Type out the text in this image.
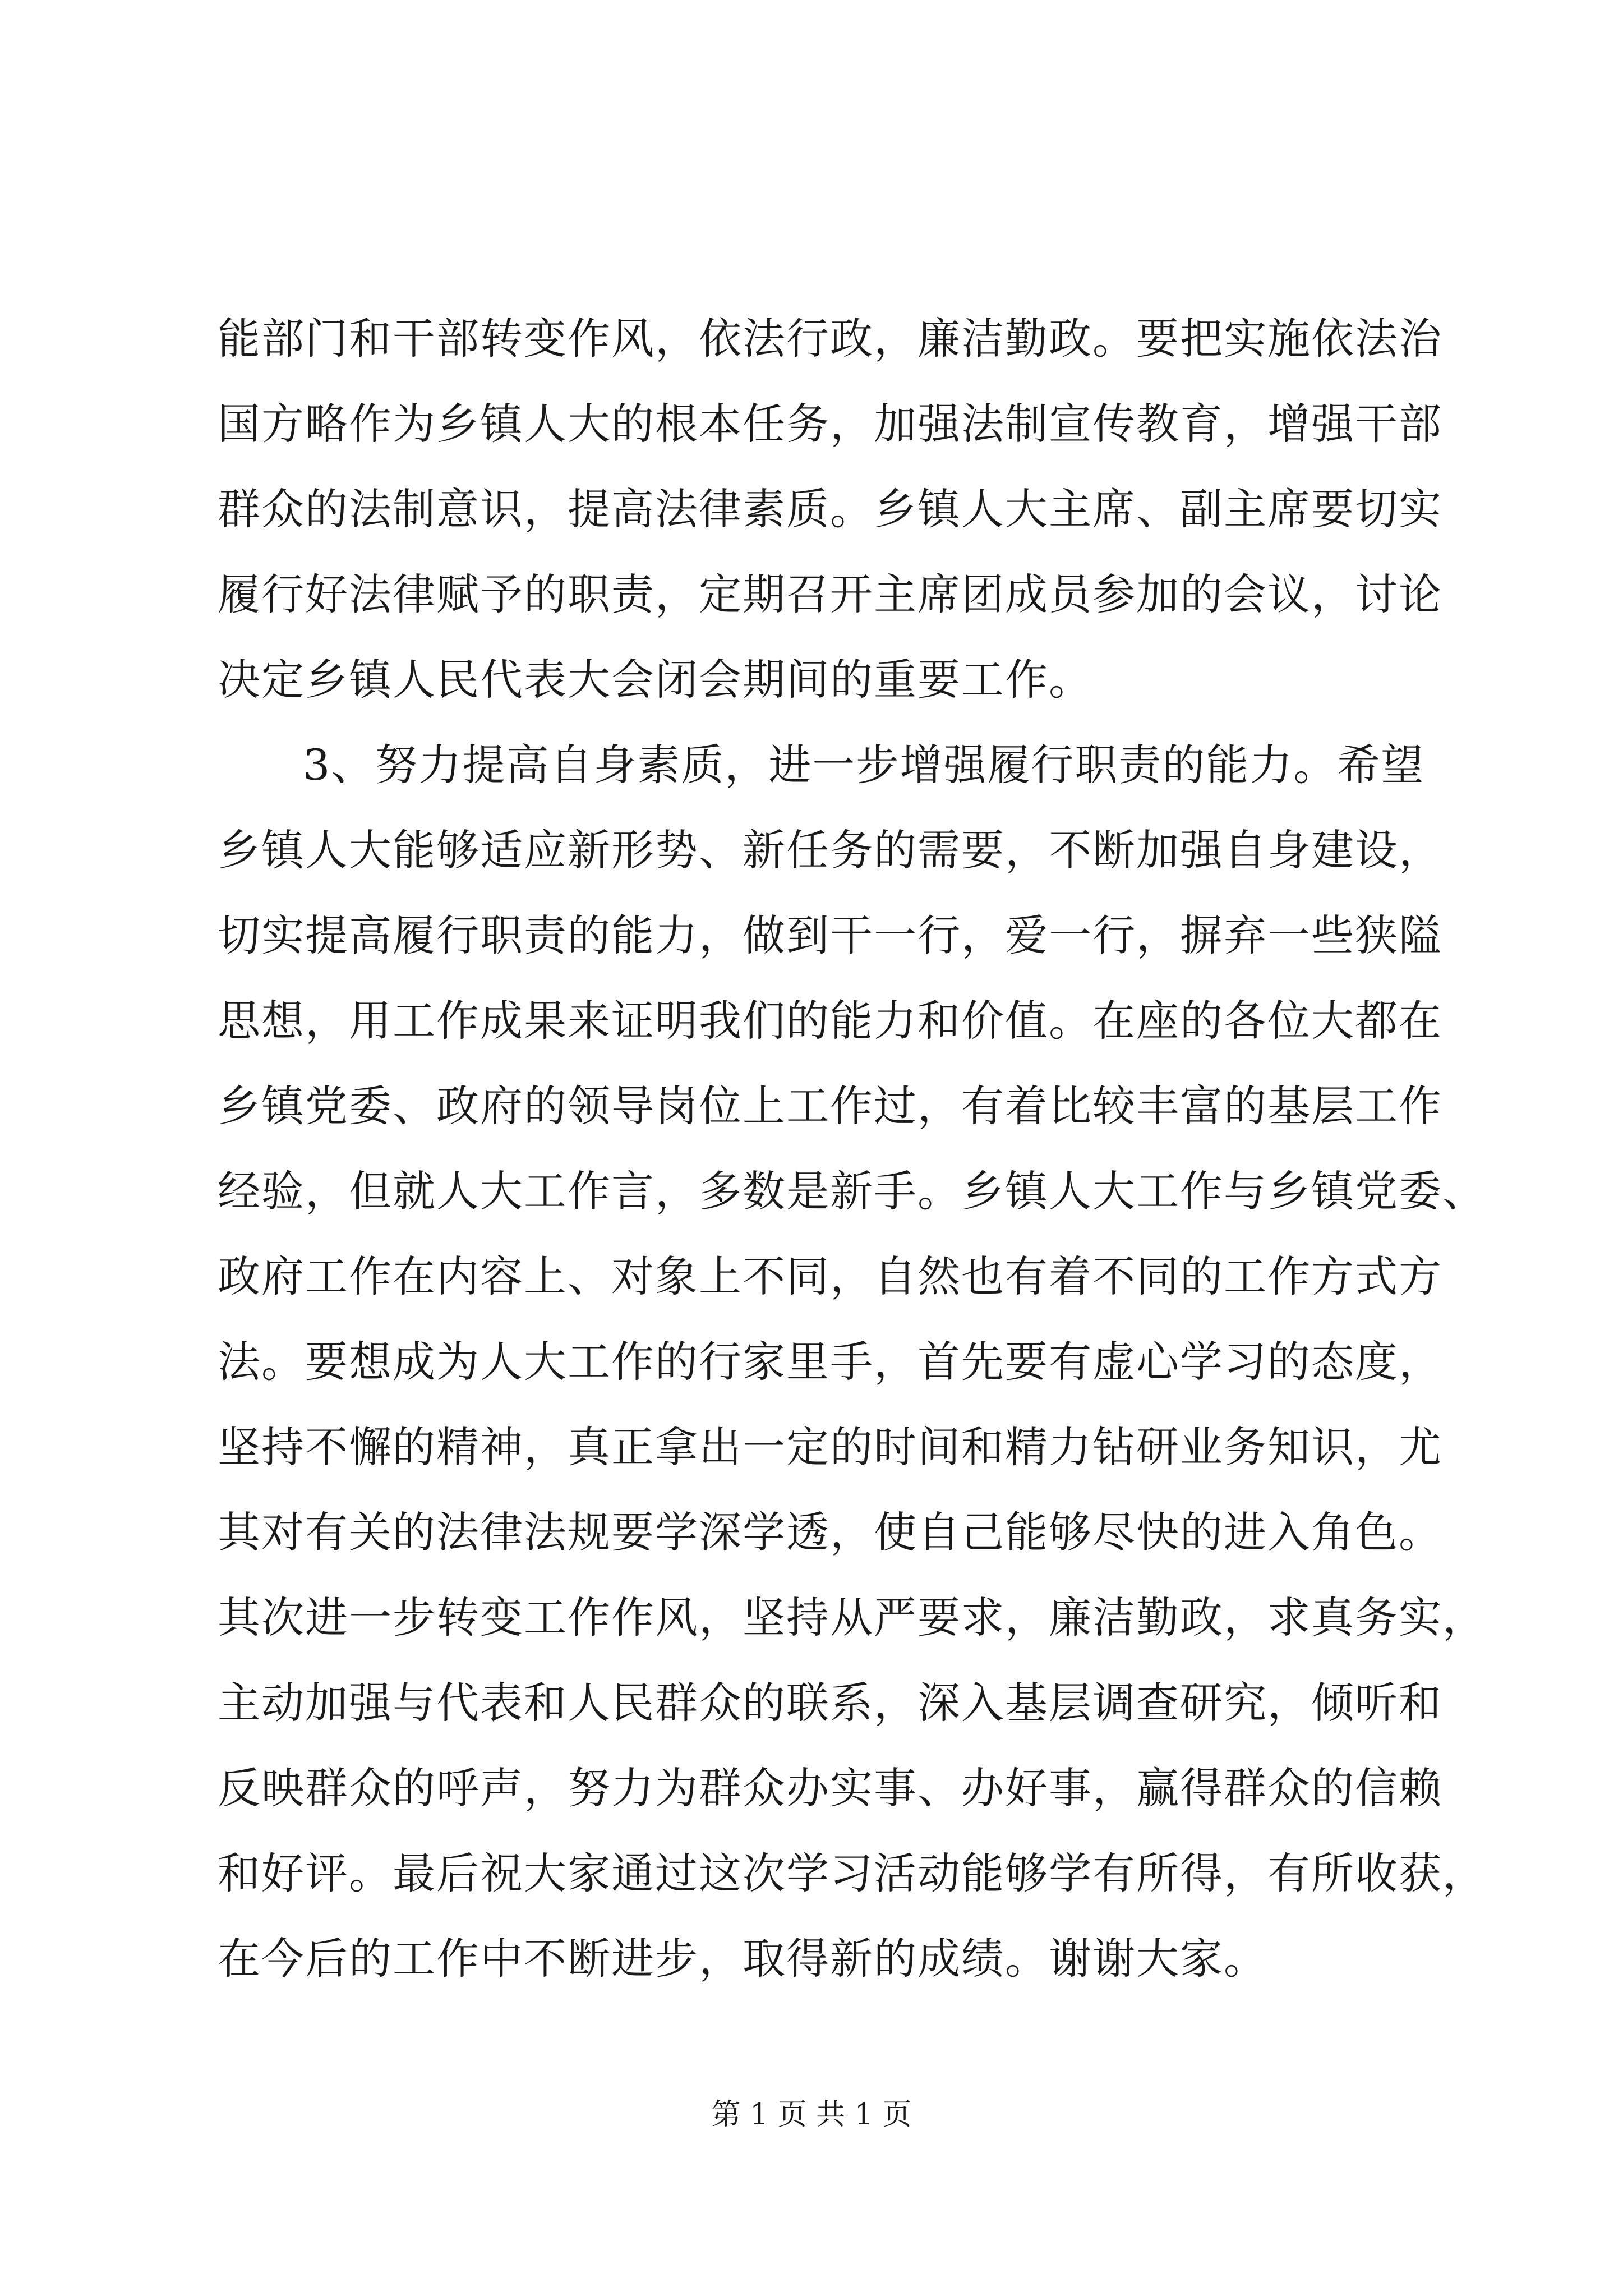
能部门和干部转变作风，依法行政，廉洁勤政。要把实施依法治
国方略作为乡镇人大的根本任务，加强法制宣传教育，增强干部
群众的法制意识，提高法律素质。乡镇人大主席、副主席要切实
履行好法律赋予的职责，定期召开主席团成员参加的会议，讨论
决定乡镇人民代表大会闭会期间的重要工作。
3、努力提高自身素质，进一步增强履行职责的能力。希望
乡镇人大能够适应新形势、新任务的需要，不断加强自身建设，
切实提高履行职责的能力，做到干一行，爱一行，摒弃一些狭隘
思想，用工作成果来证明我们的能力和价值。在座的各位大都在
乡镇党委、政府的领导岗位上工作过，有着比较丰富的基层工作
经验，但就人大工作言，多数是新手。乡镇人大工作与乡镇党委、
政府工作在内容上、对象上不同，自然也有着不同的工作方式方
法。要想成为人大工作的行家里手，首先要有虚心学习的态度，
坚持不懈的精神，真正拿出一定的时间和精力钻研业务知识，尤
其对有关的法律法规要学深学透，使自己能够尽快的进入角色。
其次进一步转变工作作风，坚持从严要求，廉洁勤政，求真务实，
主动加强与代表和人民群众的联系，深入基层调查研究，倾听和
反映群众的呼声，努力为群众办实事、办好事，赢得群众的信赖
和好评。最后祝大家通过这次学习活动能够学有所得，有所收获，
在今后的工作中不断进步，取得新的成绩。谢谢大家。
第 1 页 共 1 页
